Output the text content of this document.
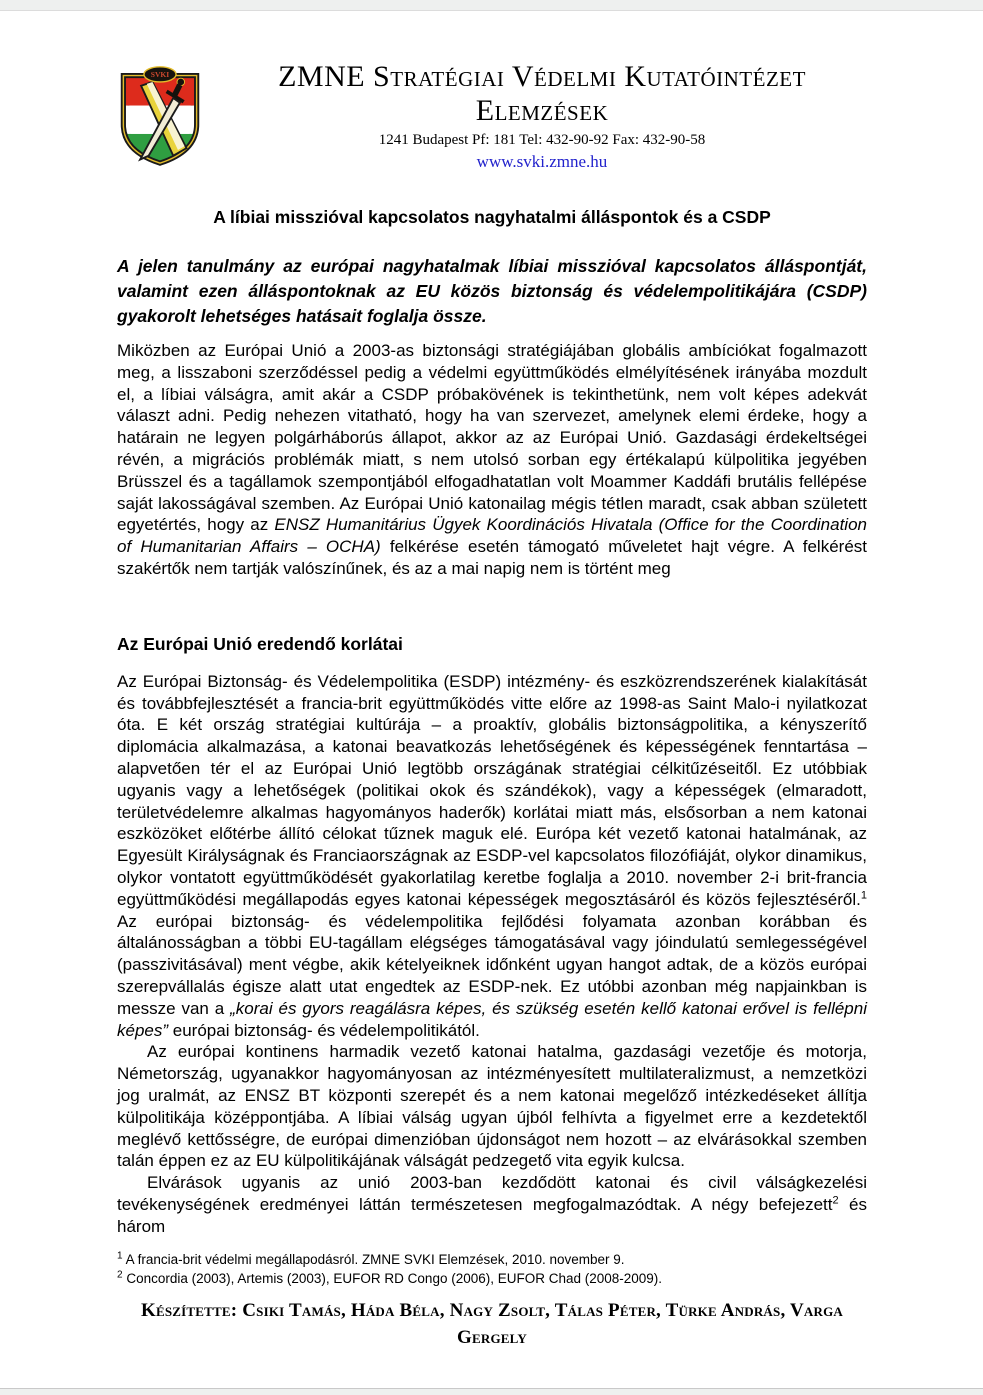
SVKI	ZMNE Stratégiai Védelmi Kutatóintézet
Elemzések
1241 Budapest Pf: 181 Tel: 432-90-92 Fax: 432-90-58
www.svki.zmne.hu
A líbiai misszióval kapcsolatos nagyhatalmi álláspontok és a CSDP

A jelen tanulmány az európai nagyhatalmak líbiai misszióval kapcsolatos álláspontját, valamint ezen álláspontoknak az EU közös biztonság és védelempolitikájára (CSDP) gyakorolt lehetséges hatásait foglalja össze.

Miközben az Európai Unió a 2003-as biztonsági stratégiájában globális ambíciókat fogalmazott meg, a lisszaboni szerződéssel pedig a védelmi együttműködés elmélyítésének irányába mozdult el, a líbiai válságra, amit akár a CSDP próbakövének is tekinthetünk, nem volt képes adekvát választ adni. Pedig nehezen vitatható, hogy ha van szervezet, amelynek elemi érdeke, hogy a határain ne legyen polgárháborús állapot, akkor az az Európai Unió. Gazdasági érdekeltségei révén, a migrációs problémák miatt, s nem utolsó sorban egy értékalapú külpolitika jegyében Brüsszel és a tagállamok szempontjából elfogadhatatlan volt Moammer Kaddáfi brutális fellépése saját lakosságával szemben. Az Európai Unió katonailag mégis tétlen maradt, csak abban született egyetértés, hogy az ENSZ Humanitárius Ügyek Koordinációs Hivatala (Office for the Coordination of Humanitarian Affairs – OCHA) felkérése esetén támogató műveletet hajt végre. A felkérést szakértők nem tartják valószínűnek, és az a mai napig nem is történt meg

Az Európai Unió eredendő korlátai

Az Európai Biztonság- és Védelempolitika (ESDP) intézmény- és eszközrendszerének kialakítását és továbbfejlesztését a francia-brit együttműködés vitte előre az 1998-as Saint Malo-i nyilatkozat óta. E két ország stratégiai kultúrája – a proaktív, globális biztonságpolitika, a kényszerítő diplomácia alkalmazása, a katonai beavatkozás lehetőségének és képességének fenntartása – alapvetően tér el az Európai Unió legtöbb országának stratégiai célkitűzéseitől. Ez utóbbiak ugyanis vagy a lehetőségek (politikai okok és szándékok), vagy a képességek (elmaradott, területvédelemre alkalmas hagyományos haderők) korlátai miatt más, elsősorban a nem katonai eszközöket előtérbe állító célokat tűznek maguk elé. Európa két vezető katonai hatalmának, az Egyesült Királyságnak és Franciaországnak az ESDP-vel kapcsolatos filozófiáját, olykor dinamikus, olykor vontatott együttműködését gyakorlatilag keretbe foglalja a 2010. november 2-i brit-francia együttműködési megállapodás egyes katonai képességek megosztásáról és közös fejlesztéséről.$^1$ Az európai biztonság- és védelempolitika fejlődési folyamata azonban korábban és általánosságban a többi EU-tagállam elégséges támogatásával vagy jóindulatú semlegességével (passzivitásával) ment végbe, akik kételyeiknek időnként ugyan hangot adtak, de a közös európai szerepvállalás égisze alatt utat engedtek az ESDP-nek. Ez utóbbi azonban még napjainkban is messze van a „korai és gyors reagálásra képes, és szükség esetén kellő katonai erővel is fellépni képes” európai biztonság- és védelempolitikától.

Az európai kontinens harmadik vezető katonai hatalma, gazdasági vezetője és motorja, Németország, ugyanakkor hagyományosan az intézményesített multilateralizmust, a nemzetközi jog uralmát, az ENSZ BT központi szerepét és a nem katonai megelőző intézkedéseket állítja külpolitikája középpontjába. A líbiai válság ugyan újból felhívta a figyelmet erre a kezdetektől meglévő kettősségre, de európai dimenzióban újdonságot nem hozott – az elvárásokkal szemben talán éppen ez az EU külpolitikájának válságát pedzegető vita egyik kulcsa.

Elvárások ugyanis az unió 2003-ban kezdődött katonai és civil válságkezelési tevékenységének eredményei láttán természetesen megfogalmazódtak. A négy befejezett$^2$ és három

$^1$ A francia-brit védelmi megállapodásról. ZMNE SVKI Elemzések, 2010. november 9.
$^2$ Concordia (2003), Artemis (2003), EUFOR RD Congo (2006), EUFOR Chad (2008-2009).
Készítette: Csiki Tamás, Háda Béla, Nagy Zsolt, Tálas Péter, Türke András, Varga Gergely
